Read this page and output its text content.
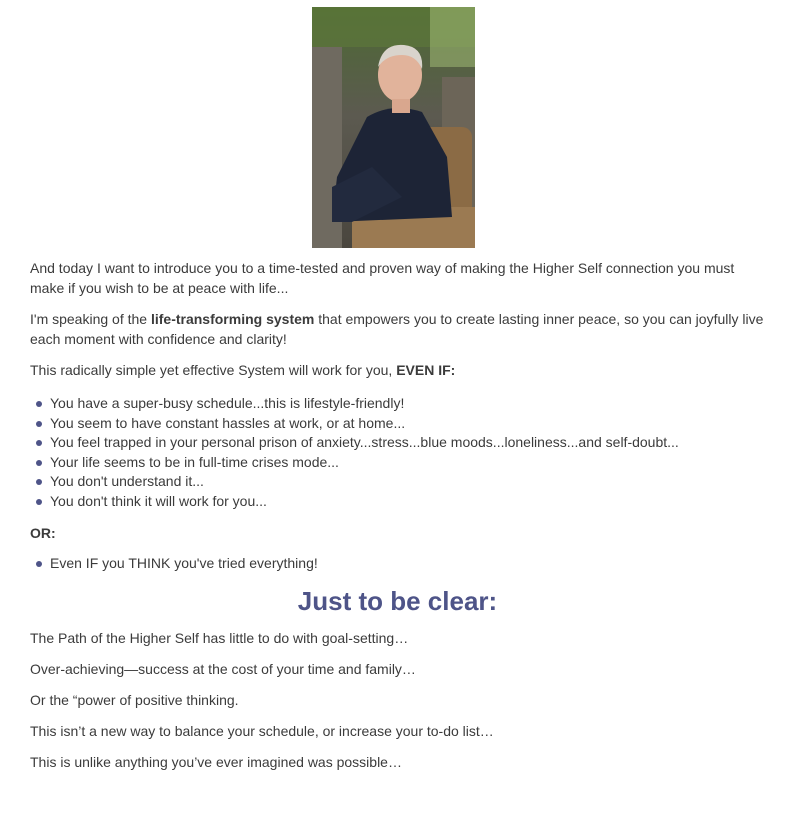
And today I want to introduce you to a time-tested and proven way of making the Higher Self connection you must make if you wish to be at peace with life...

I'm speaking of the life-transforming system that empowers you to create lasting inner peace, so you can joyfully live each moment with confidence and clarity!

This radically simple yet effective System will work for you, EVEN IF:

You have a super-busy schedule...this is lifestyle-friendly!
You seem to have constant hassles at work, or at home...
You feel trapped in your personal prison of anxiety...stress...blue moods...loneliness...and self-doubt...
Your life seems to be in full-time crises mode...
You don't understand it...
You don't think it will work for you...

OR:

Even IF you THINK you've tried everything!
Just to be clear:

The Path of the Higher Self has little to do with goal-setting…

Over-achieving—success at the cost of your time and family…

Or the “power of positive thinking.

This isn’t a new way to balance your schedule, or increase your to-do list…

This is unlike anything you’ve ever imagined was possible…
